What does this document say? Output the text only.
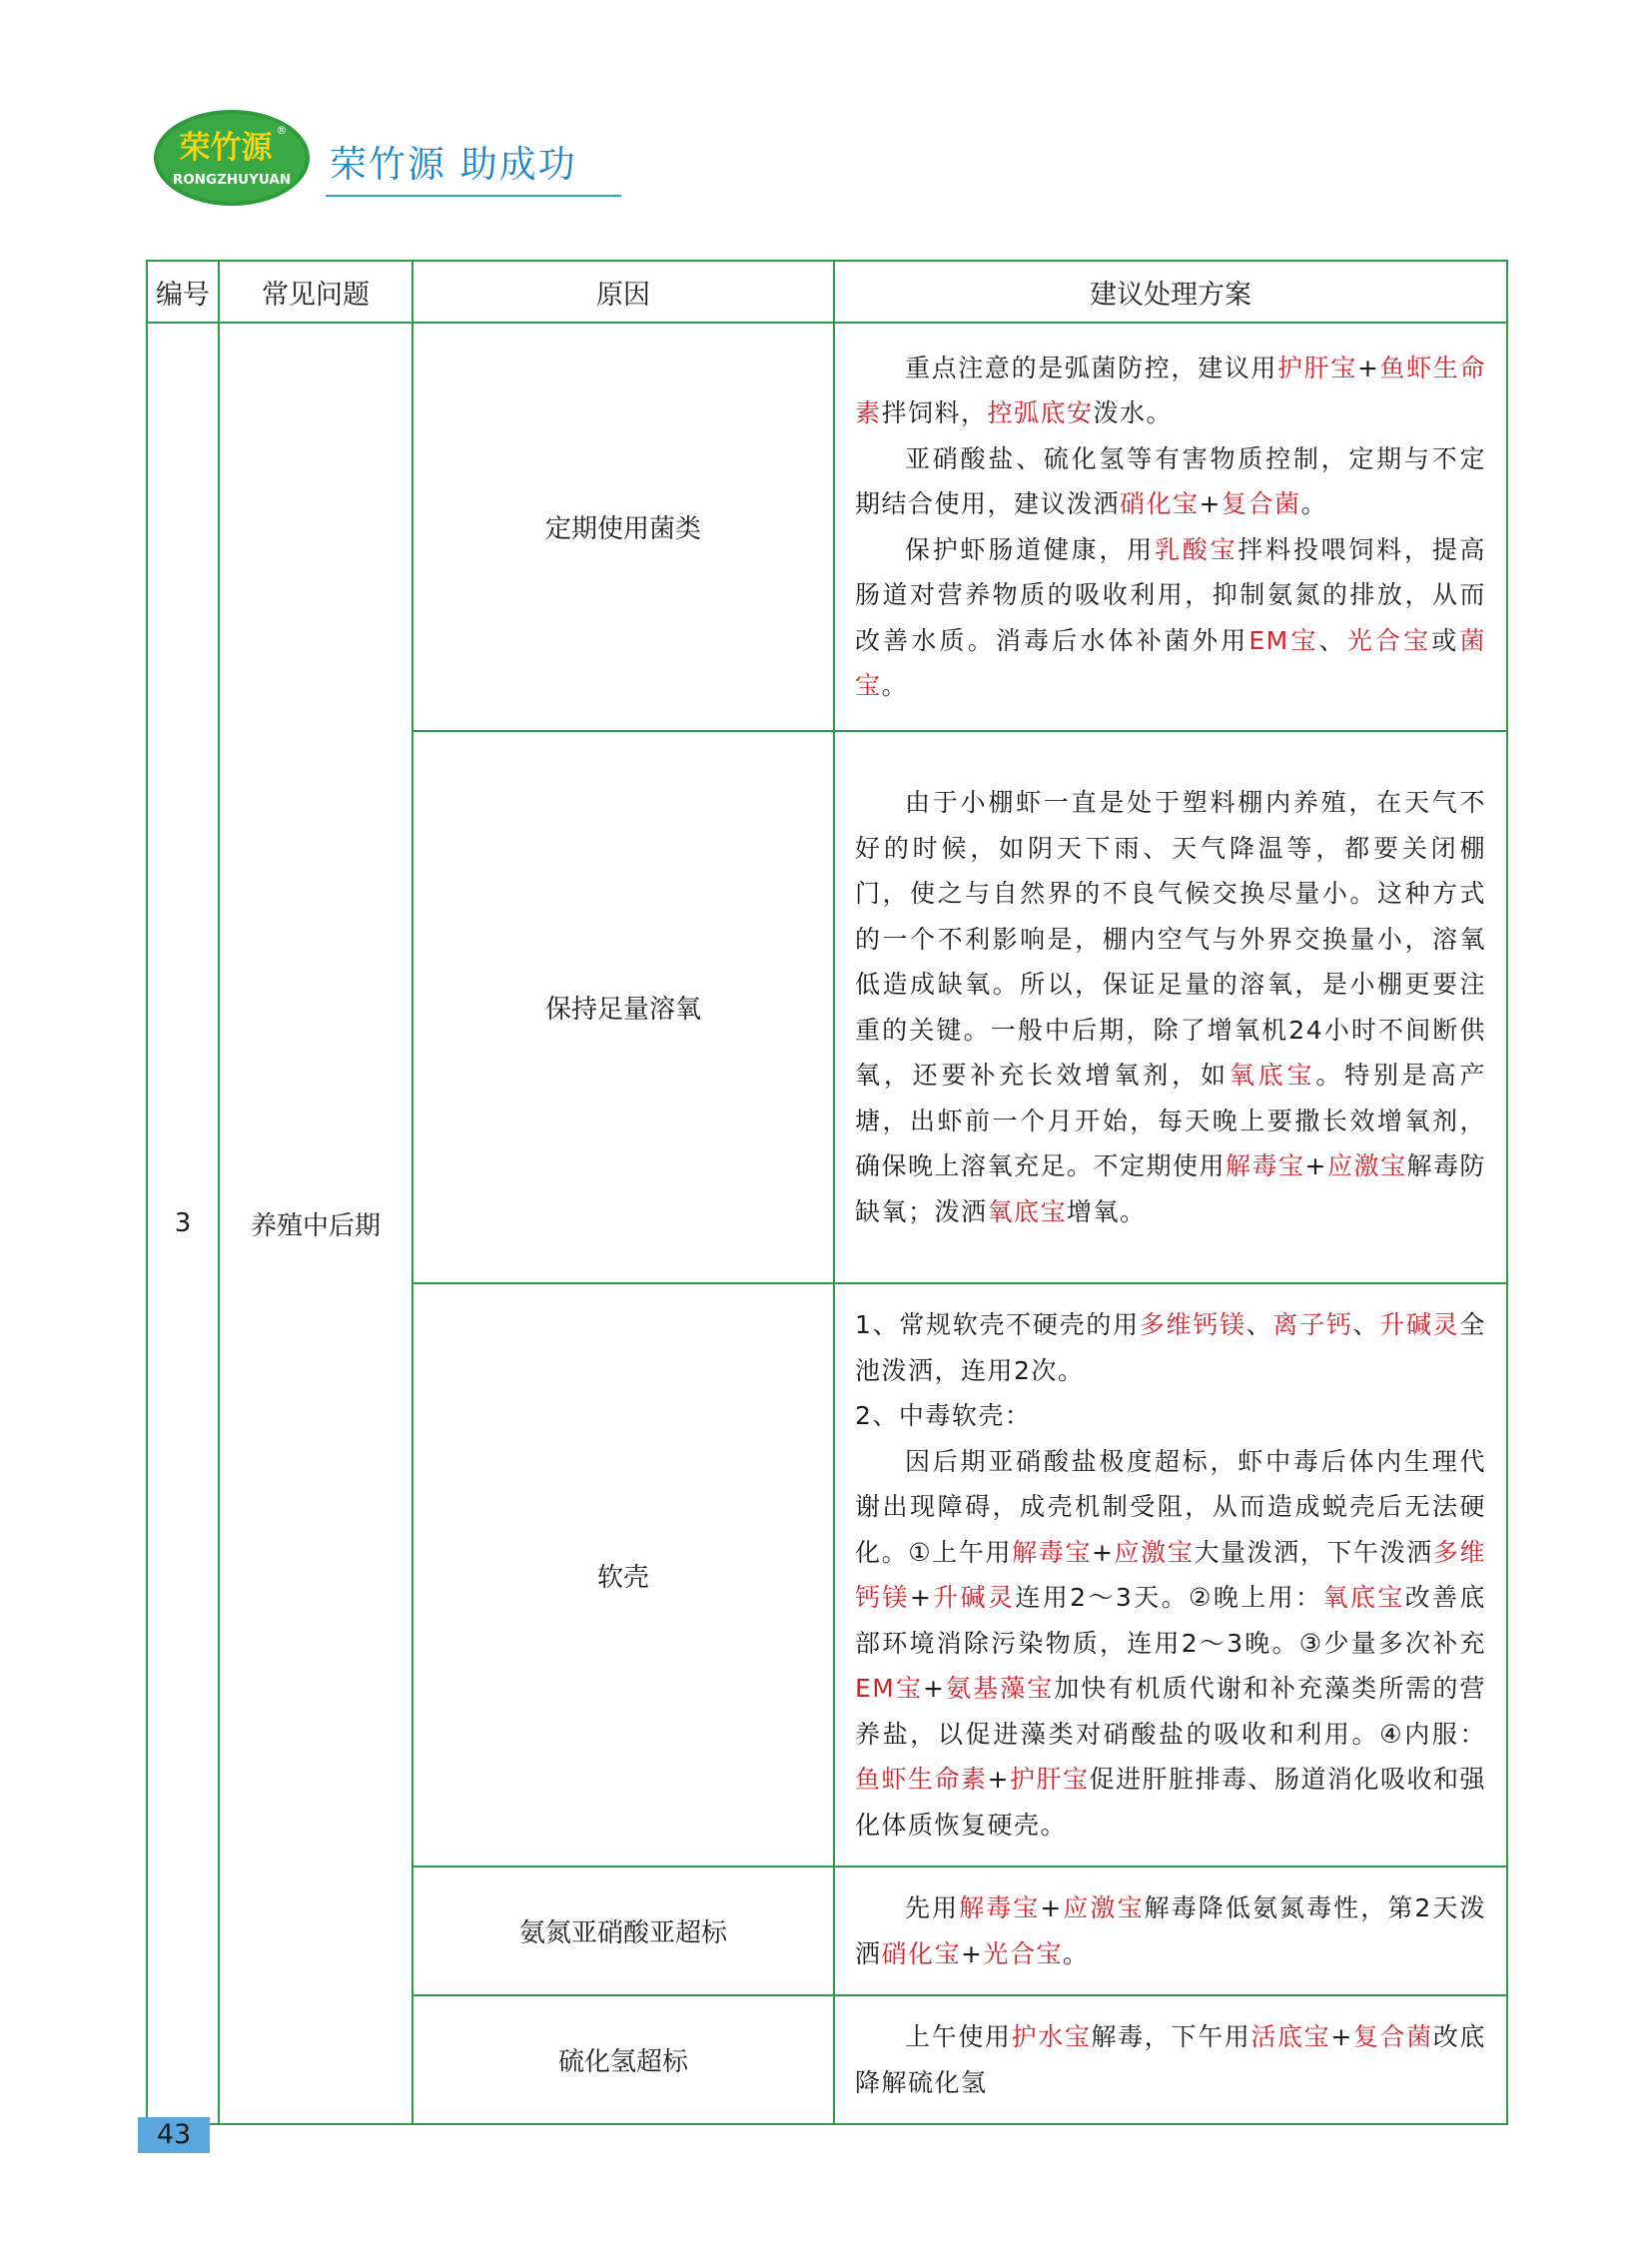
荣竹源 ®
RONGZHUYUAN 荣竹源 助成功
编号	常见问题	原因	建议处理方案
3	养殖中后期	定期使用菌类	重点注意的是弧菌防控，建议用护肝宝+鱼虾生命素拌饲料，控弧底安泼水。

亚硝酸盐、硫化氢等有害物质控制，定期与不定期结合使用，建议泼洒硝化宝+复合菌。

保护虾肠道健康，用乳酸宝拌料投喂饲料，提高肠道对营养物质的吸收利用，抑制氨氮的排放，从而改善水质。消毒后水体补菌外用EM宝、光合宝或菌宝。

		保持足量溶氧	由于小棚虾一直是处于塑料棚内养殖，在天气不好的时候，如阴天下雨、天气降温等，都要关闭棚门，使之与自然界的不良气候交换尽量小。这种方式的一个不利影响是，棚内空气与外界交换量小，溶氧低造成缺氧。所以，保证足量的溶氧，是小棚更要注重的关键。一般中后期，除了增氧机24小时不间断供氧，还要补充长效增氧剂，如氧底宝。特别是高产塘，出虾前一个月开始，每天晚上要撒长效增氧剂，确保晚上溶氧充足。不定期使用解毒宝+应激宝解毒防缺氧；泼洒氧底宝增氧。

		软壳	1、常规软壳不硬壳的用多维钙镁、离子钙、升碱灵全池泼洒，连用2次。

2、中毒软壳：

因后期亚硝酸盐极度超标，虾中毒后体内生理代谢出现障碍，成壳机制受阻，从而造成蜕壳后无法硬化。①上午用解毒宝+应激宝大量泼洒，下午泼洒多维钙镁+升碱灵连用2～3天。②晚上用：氧底宝改善底部环境消除污染物质，连用2～3晚。③少量多次补充EM宝+氨基藻宝加快有机质代谢和补充藻类所需的营养盐，以促进藻类对硝酸盐的吸收和利用。④内服：鱼虾生命素+护肝宝促进肝脏排毒、肠道消化吸收和强化体质恢复硬壳。

		氨氮亚硝酸亚超标	先用解毒宝+应激宝解毒降低氨氮毒性，第2天泼洒硝化宝+光合宝。

		硫化氢超标	上午使用护水宝解毒，下午用活底宝+复合菌改底降解硫化氢

43
